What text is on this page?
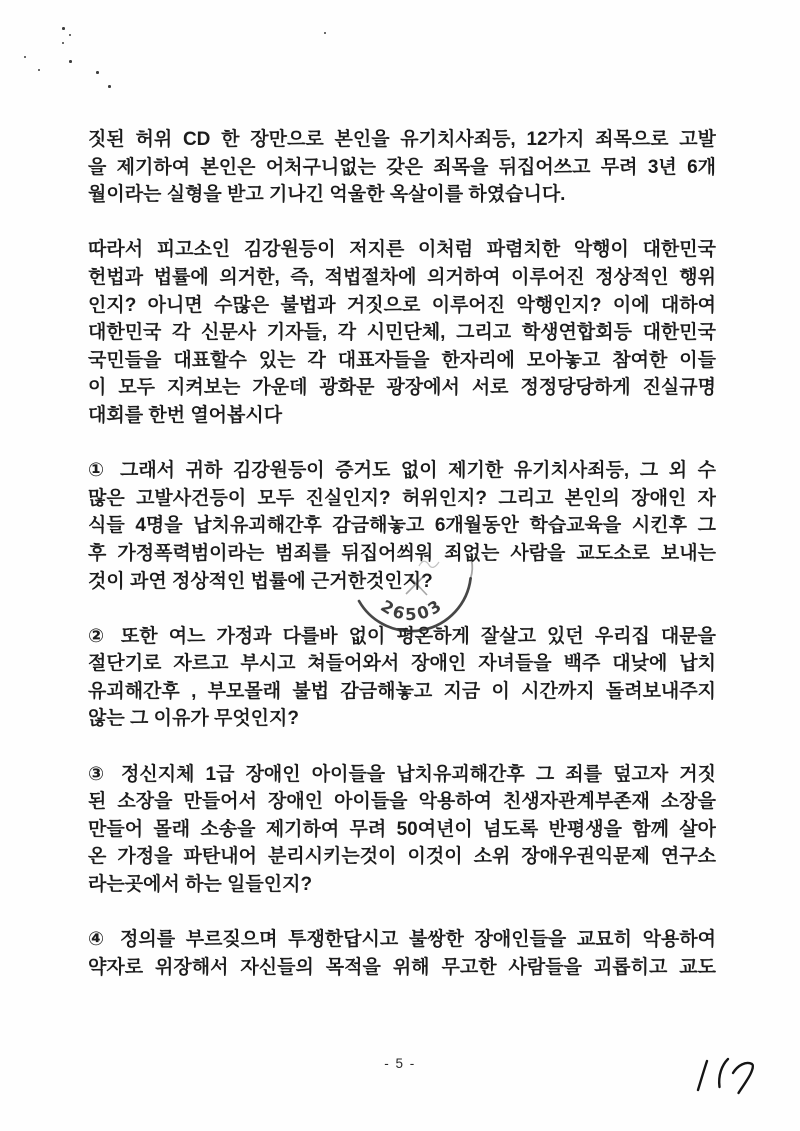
짓된 허위 CD 한 장만으로 본인을 유기치사죄등, 12가지 죄목으로 고발
을 제기하여 본인은 어처구니없는 갖은 죄목을 뒤집어쓰고 무려 3년 6개
월이라는 실형을 받고 기나긴 억울한 옥살이를 하였습니다.
따라서 피고소인 김강원등이 저지른 이처럼 파렴치한 악행이 대한민국
헌법과 법률에 의거한, 즉, 적법절차에 의거하여 이루어진 정상적인 행위
인지? 아니면 수많은 불법과 거짓으로 이루어진 악행인지? 이에 대하여
대한민국 각 신문사 기자들, 각 시민단체, 그리고 학생연합회등 대한민국
국민들을 대표할수 있는 각 대표자들을 한자리에 모아놓고 참여한 이들
이 모두 지켜보는 가운데 광화문 광장에서 서로 정정당당하게 진실규명
대회를 한번 열어봅시다
① 그래서 귀하 김강원등이 증거도 없이 제기한 유기치사죄등, 그 외 수
많은 고발사건등이 모두 진실인지? 허위인지? 그리고 본인의 장애인 자
식들 4명을 납치유괴해간후 감금해놓고 6개월동안 학습교육을 시킨후 그
후 가정폭력범이라는 범죄를 뒤집어씌워 죄없는 사람을 교도소로 보내는
것이 과연 정상적인 법률에 근거한것인지?
② 또한 여느 가정과 다를바 없이 평온하게 잘살고 있던 우리집 대문을
절단기로 자르고 부시고 쳐들어와서 장애인 자녀들을 백주 대낮에 납치
유괴해간후 , 부모몰래 불법 감금해놓고 지금 이 시간까지 돌려보내주지
않는 그 이유가 무엇인지?
③ 정신지체 1급 장애인 아이들을 납치유괴해간후 그 죄를 덮고자 거짓
된 소장을 만들어서 장애인 아이들을 악용하여 친생자관계부존재 소장을
만들어 몰래 소송을 제기하여 무려 50여년이 넘도록 반평생을 함께 살아
온 가정을 파탄내어 분리시키는것이 이것이 소위 장애우권익문제 연구소
라는곳에서 하는 일들인지?
④ 정의를 부르짖으며 투쟁한답시고 불쌍한 장애인들을 교묘히 악용하여
약자로 위장해서 자신들의 목적을 위해 무고한 사람들을 괴롭히고 교도
26503
- 5 -
